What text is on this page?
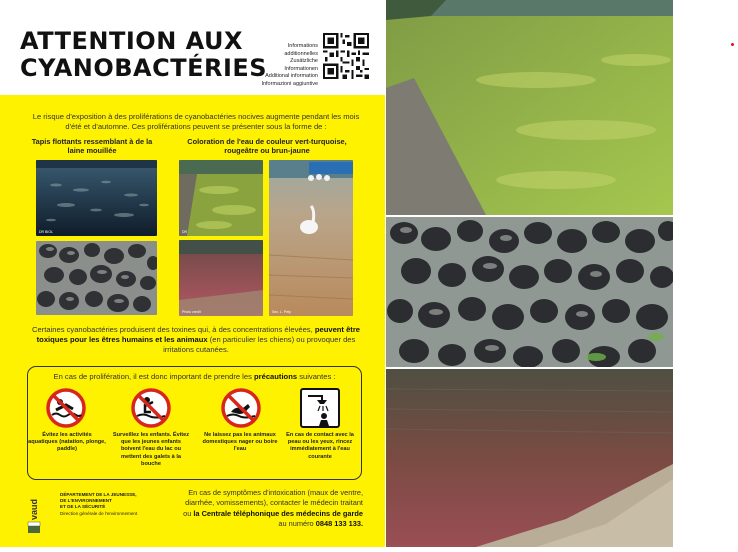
ATTENTION AUX
CYANOBACTÉRIES
Informations additionnelles
Zusätzliche Informationen
Additional information
Informazioni aggiuntive

Le risque d'exposition à des proliférations de cyanobactéries nocives augmente pendant les mois d'été et d'automne. Ces proliférations peuvent se présenter sous la forme de :

Tapis flottants ressemblant à de la laine mouillée
Coloration de l'eau de couleur vert-turquoise, rougeâtre ou brun-jaune
DR BIOL	DR
Sec. L. Pety
Photo credit

Certaines cyanobactéries produisent des toxines qui, à des concentrations élevées, peuvent être toxiques pour les êtres humains et les animaux (en particulier les chiens) ou provoquer des irritations cutanées.

En cas de prolifération, il est donc important de prendre les précautions suivantes :
Évitez les activités aquatiques (natation, plonge, paddle)
Surveillez les enfants. Évitez que les jeunes enfants boivent l'eau du lac ou mettent des galets à la bouche
Ne laissez pas les animaux domestiques nager ou boire l'eau
En cas de contact avec la peau ou les yeux, rincez immédiatement à l'eau courante
vaud
DÉPARTEMENT DE LA JEUNESSE,
DE L'ENVIRONNEMENT
ET DE LA SÉCURITÉ
Direction générale de l'environnement
En cas de symptômes d'intoxication (maux de ventre, diarrhée, vomissements), contacter le médecin traitant ou la Centrale téléphonique des médecins de garde au numéro 0848 133 133.
